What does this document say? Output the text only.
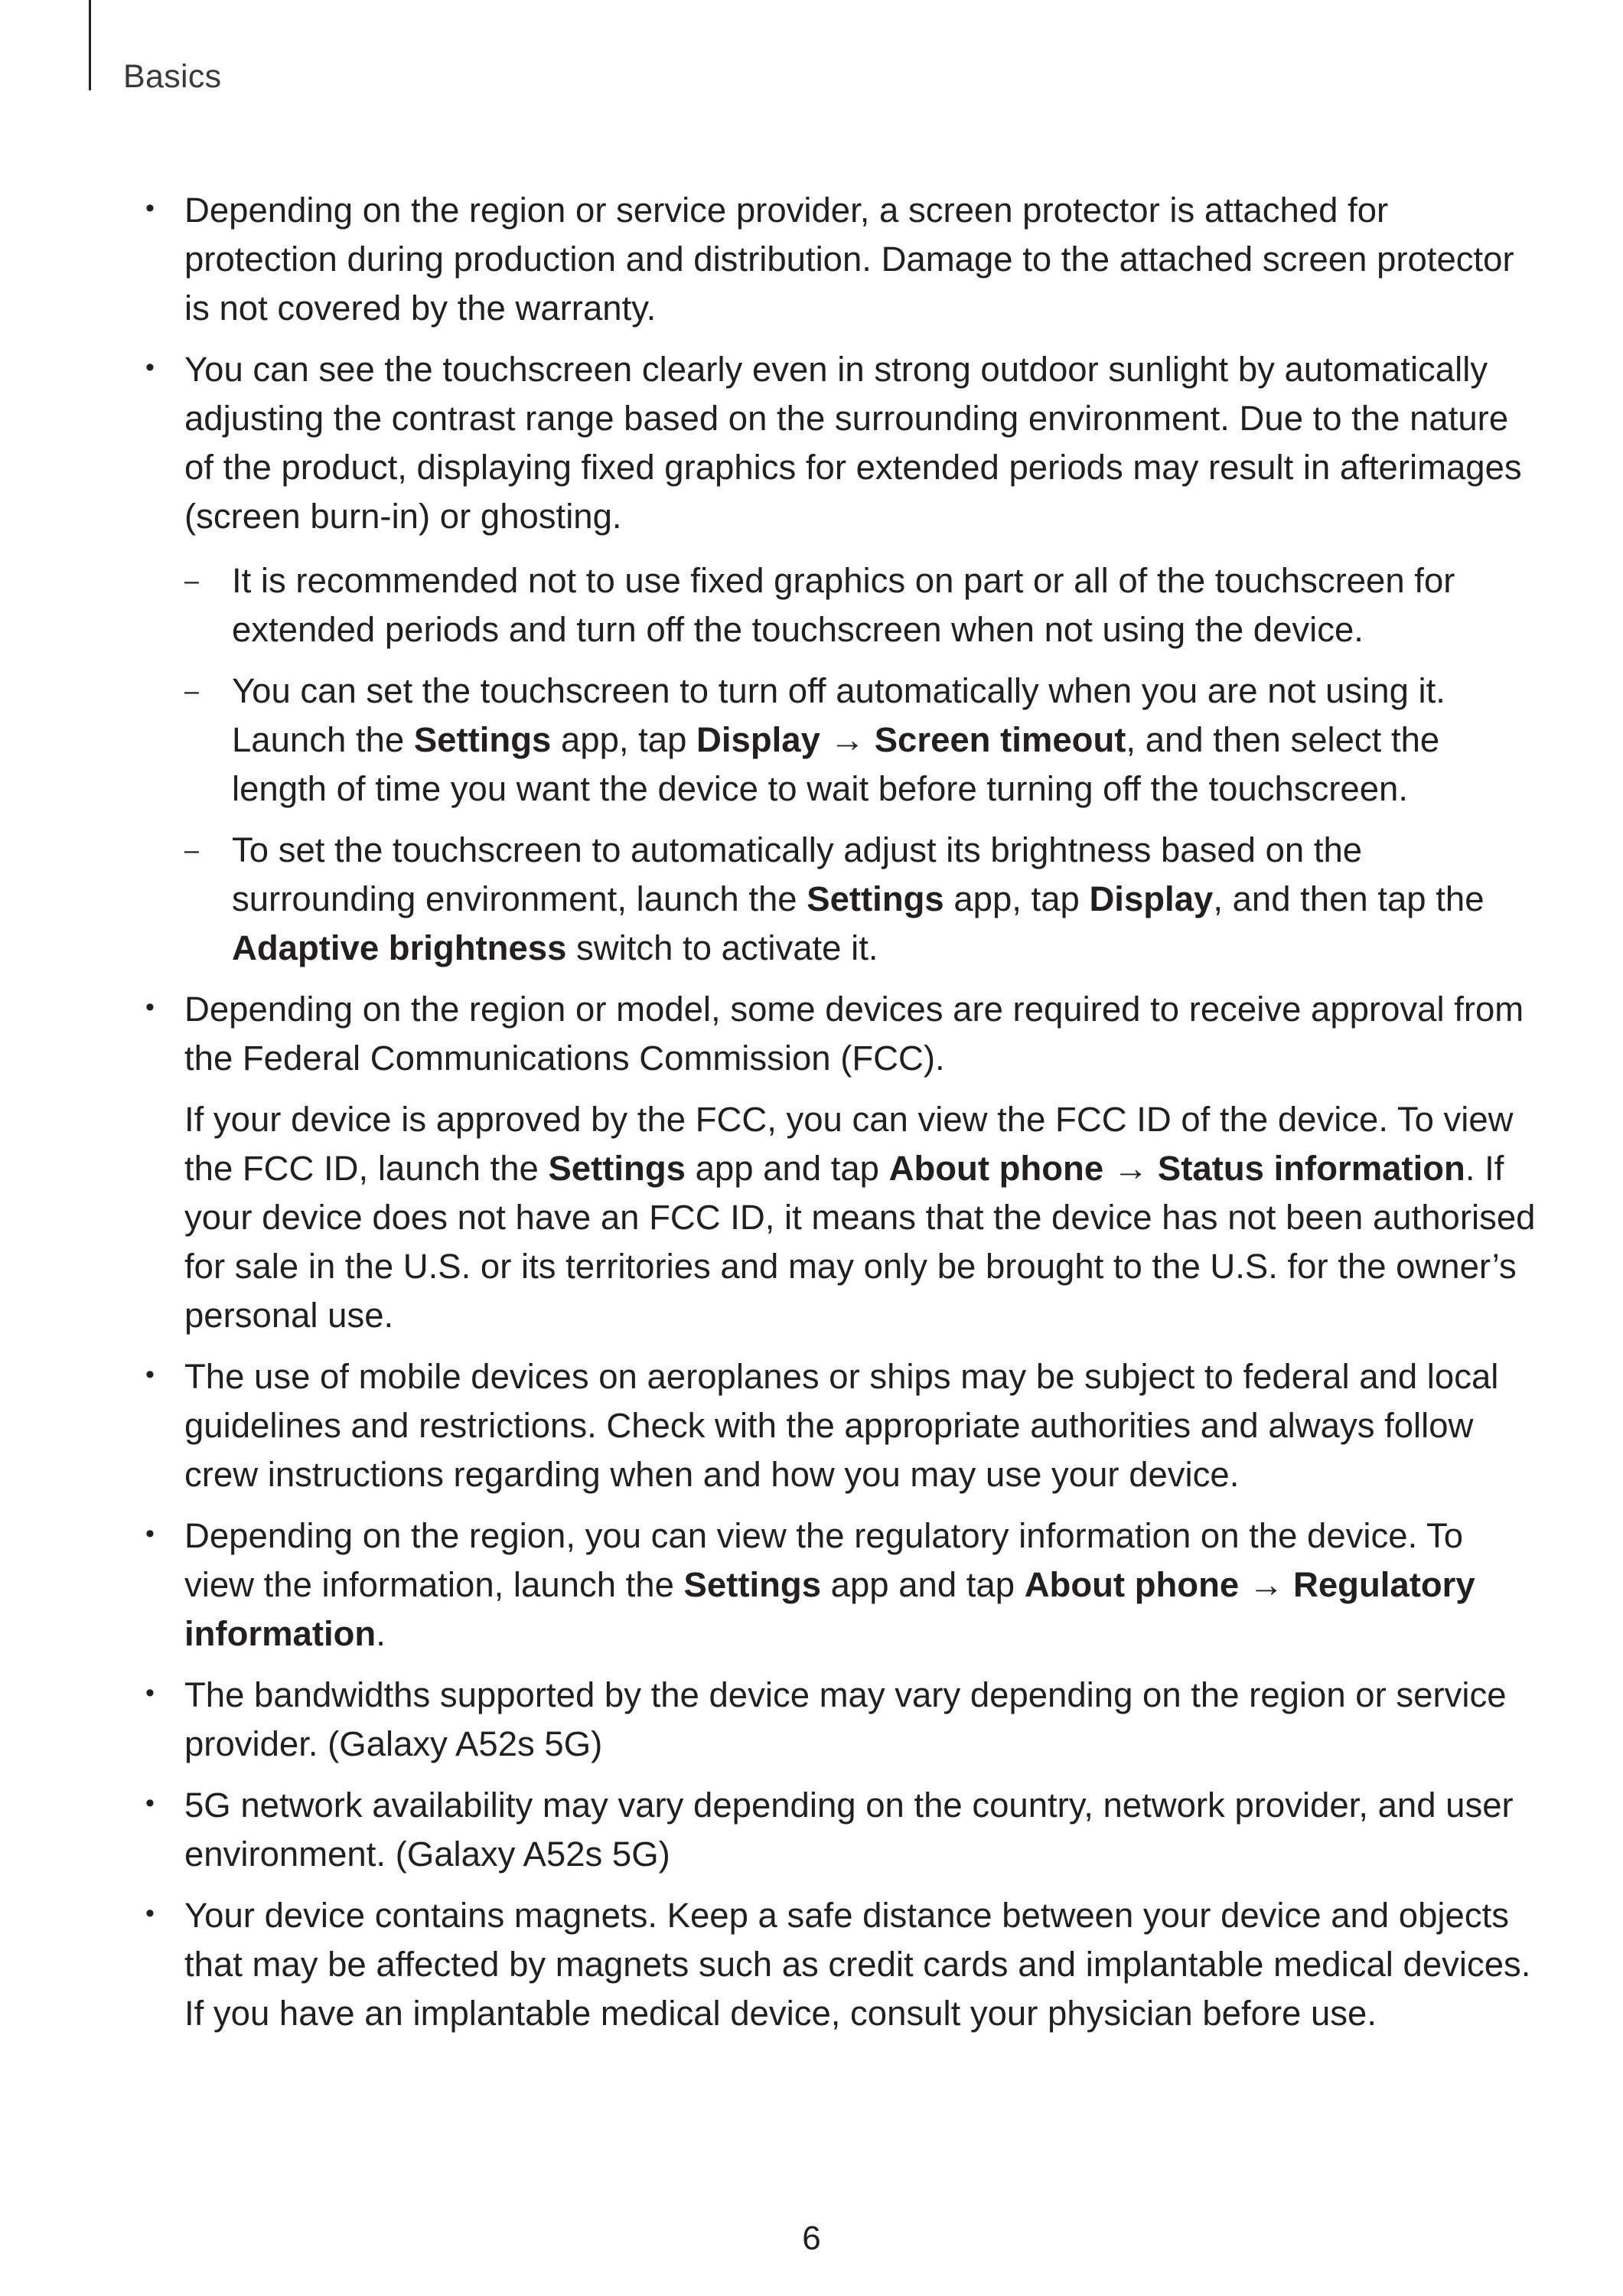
Basics
• Depending on the region or service provider, a screen protector is attached for protection during production and distribution. Damage to the attached screen protector is not covered by the warranty.

• You can see the touchscreen clearly even in strong outdoor sunlight by automatically adjusting the contrast range based on the surrounding environment. Due to the nature of the product, displaying fixed graphics for extended periods may result in afterimages (screen burn-in) or ghosting.

– It is recommended not to use fixed graphics on part or all of the touchscreen for extended periods and turn off the touchscreen when not using the device.
– You can set the touchscreen to turn off automatically when you are not using it. Launch the Settings app, tap Display → Screen timeout, and then select the length of time you want the device to wait before turning off the touchscreen.
– To set the touchscreen to automatically adjust its brightness based on the surrounding environment, launch the Settings app, tap Display, and then tap the Adaptive brightness switch to activate it.
• Depending on the region or model, some devices are required to receive approval from the Federal Communications Commission (FCC).

If your device is approved by the FCC, you can view the FCC ID of the device. To view the FCC ID, launch the Settings app and tap About phone → Status information. If your device does not have an FCC ID, it means that the device has not been authorised for sale in the U.S. or its territories and may only be brought to the U.S. for the owner’s personal use.

• The use of mobile devices on aeroplanes or ships may be subject to federal and local guidelines and restrictions. Check with the appropriate authorities and always follow crew instructions regarding when and how you may use your device.

• Depending on the region, you can view the regulatory information on the device. To view the information, launch the Settings app and tap About phone → Regulatory information.

• The bandwidths supported by the device may vary depending on the region or service provider. (Galaxy A52s 5G)

• 5G network availability may vary depending on the country, network provider, and user environment. (Galaxy A52s 5G)

• Your device contains magnets. Keep a safe distance between your device and objects that may be affected by magnets such as credit cards and implantable medical devices. If you have an implantable medical device, consult your physician before use.

6
